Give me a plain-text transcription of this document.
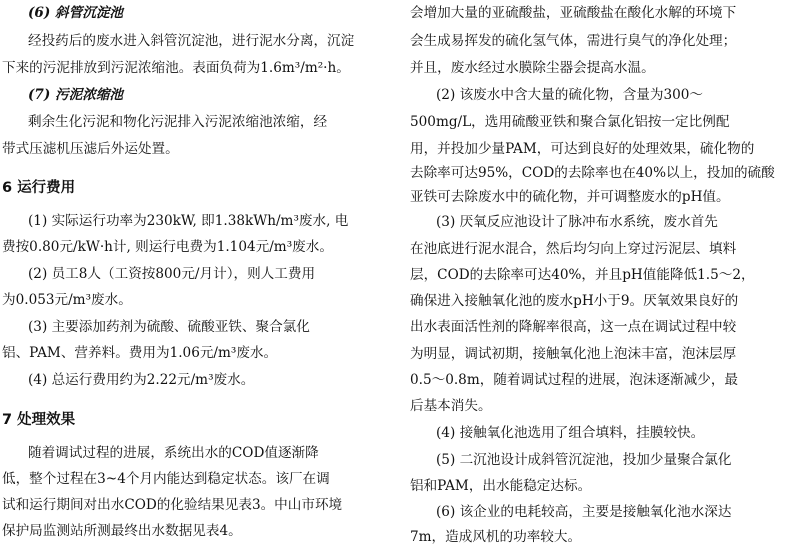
(6) 斜管沉淀池
经投药后的废水进入斜管沉淀池，进行泥水分离，沉淀
下来的污泥排放到污泥浓缩池。表面负荷为1.6m³/m²·h。
(7) 污泥浓缩池
剩余生化污泥和物化污泥排入污泥浓缩池浓缩，经
带式压滤机压滤后外运处置。
6 运行费用
(1) 实际运行功率为230kW, 即1.38kWh/m³废水, 电
费按0.80元/kW·h计, 则运行电费为1.104元/m³废水。
(2) 员工8人（工资按800元/月计），则人工费用
为0.053元/m³废水。
(3) 主要添加药剂为硫酸、硫酸亚铁、聚合氯化
铝、PAM、营养料。费用为1.06元/m³废水。
(4) 总运行费用约为2.22元/m³废水。
7 处理效果
随着调试过程的进展，系统出水的COD值逐渐降
低，整个过程在3~4个月内能达到稳定状态。该厂在调
试和运行期间对出水COD的化验结果见表3。中山市环境
保护局监测站所测最终出水数据见表4。
会增加大量的亚硫酸盐，亚硫酸盐在酸化水解的环境下
会生成易挥发的硫化氢气体，需进行臭气的净化处理；
并且，废水经过水膜除尘器会提高水温。
(2) 该废水中含大量的硫化物，含量为300～
500mg/L，选用硫酸亚铁和聚合氯化铝按一定比例配
用，并投加少量PAM，可达到良好的处理效果，硫化物的
去除率可达95%，COD的去除率也在40%以上，投加的硫酸
亚铁可去除废水中的硫化物，并可调整废水的pH值。
(3) 厌氧反应池设计了脉冲布水系统，废水首先
在池底进行泥水混合，然后均匀向上穿过污泥层、填料
层，COD的去除率可达40%，并且pH值能降低1.5～2，
确保进入接触氧化池的废水pH小于9。厌氧效果良好的
出水表面活性剂的降解率很高，这一点在调试过程中较
为明显，调试初期，接触氧化池上泡沫丰富，泡沫层厚
0.5～0.8m，随着调试过程的进展，泡沫逐渐减少，最
后基本消失。
(4) 接触氧化池选用了组合填料，挂膜较快。
(5) 二沉池设计成斜管沉淀池，投加少量聚合氯化
铝和PAM，出水能稳定达标。
(6) 该企业的电耗较高，主要是接触氧化池水深达
7m，造成风机的功率较大。
